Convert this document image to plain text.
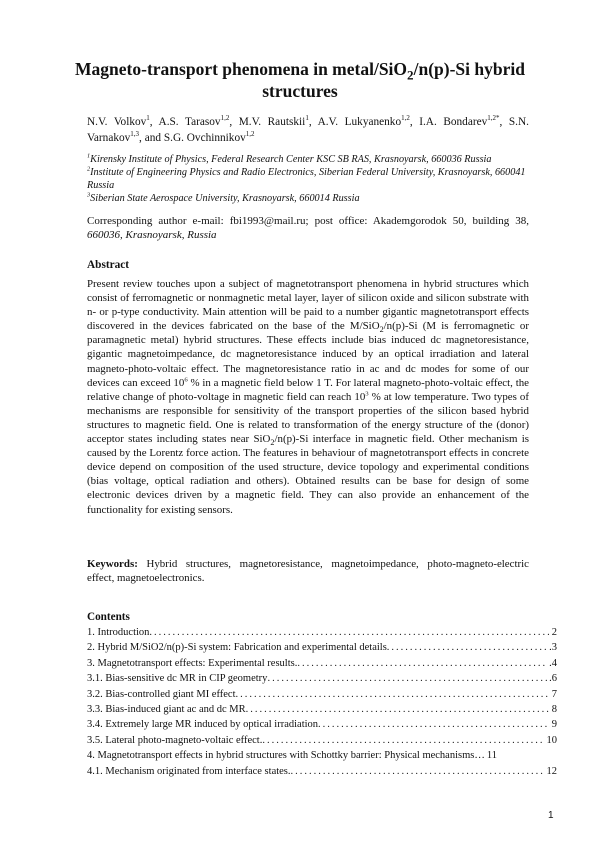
Magneto-transport phenomena in metal/SiO$_2$/n(p)-Si hybrid structures
N.V. Volkov$^1$, A.S. Tarasov$^{1,2}$, M.V. Rautskii$^1$, A.V. Lukyanenko$^{1,2}$, I.A. Bondarev$^{1,2*}$, S.N. Varnakov$^{1,3}$, and S.G. Ovchinnikov$^{1,2}$
$^1$Kirensky Institute of Physics, Federal Research Center KSC SB RAS, Krasnoyarsk, 660036 Russia
$^2$Institute of Engineering Physics and Radio Electronics, Siberian Federal University, Krasnoyarsk, 660041 Russia
$^3$Siberian State Aerospace University, Krasnoyarsk, 660014 Russia
Corresponding author e-mail: fbi1993@mail.ru; post office: Akademgorodok 50, building 38,
660036, Krasnoyarsk, Russia
Abstract
Present review touches upon a subject of magnetotransport phenomena in hybrid structures which consist of ferromagnetic or nonmagnetic metal layer, layer of silicon oxide and silicon substrate with n- or p-type conductivity. Main attention will be paid to a number gigantic magnetotransport effects discovered in the devices fabricated on the base of the M/SiO$_2$/n(p)-Si (M is ferromagnetic or paramagnetic metal) hybrid structures. These effects include bias induced dc magnetoresistance, gigantic magnetoimpedance, dc magnetoresistance induced by an optical irradiation and lateral magneto-photo-voltaic effect. The magnetoresistance ratio in ac and dc modes for some of our devices can exceed $10^6$ % in a magnetic field below 1 T. For lateral magneto-photo-voltaic effect, the relative change of photo-voltage in magnetic field can reach $10^3$ % at low temperature. Two types of mechanisms are responsible for sensitivity of the transport properties of the silicon based hybrid structures to magnetic field. One is related to transformation of the energy structure of the (donor) acceptor states including states near SiO$_2$/n(p)-Si interface in magnetic field. Other mechanism is caused by the Lorentz force action. The features in behaviour of magnetotransport effects in concrete device depend on composition of the used structure, device topology and experimental conditions (bias voltage, optical radiation and others). Obtained results can be base for design of some electronic devices driven by a magnetic field. They can also provide an enhancement of the functionality for existing sensors.
Keywords: Hybrid structures, magnetoresistance, magnetoimpedance, photo-magneto-electric effect, magnetoelectronics.
Contents
1. Introduction .....	2
2. Hybrid M/SiO2/n(p)-Si system: Fabrication and experimental details .....	.3
3. Magnetotransport effects: Experimental results. .....	.4
3.1. Bias-sensitive dc MR in CIP geometry .....	.6
3.2. Bias-controlled giant MI effect .....	7
3.3. Bias-induced giant ac and dc MR .....	8
3.4. Extremely large MR induced by optical irradiation .....	9
3.5. Lateral photo-magneto-voltaic effect. .....	10
4. Magnetotransport effects in hybrid structures with Schottky barrier: Physical mechanisms… 11
4.1. Mechanism originated from interface states. .....	12
1
